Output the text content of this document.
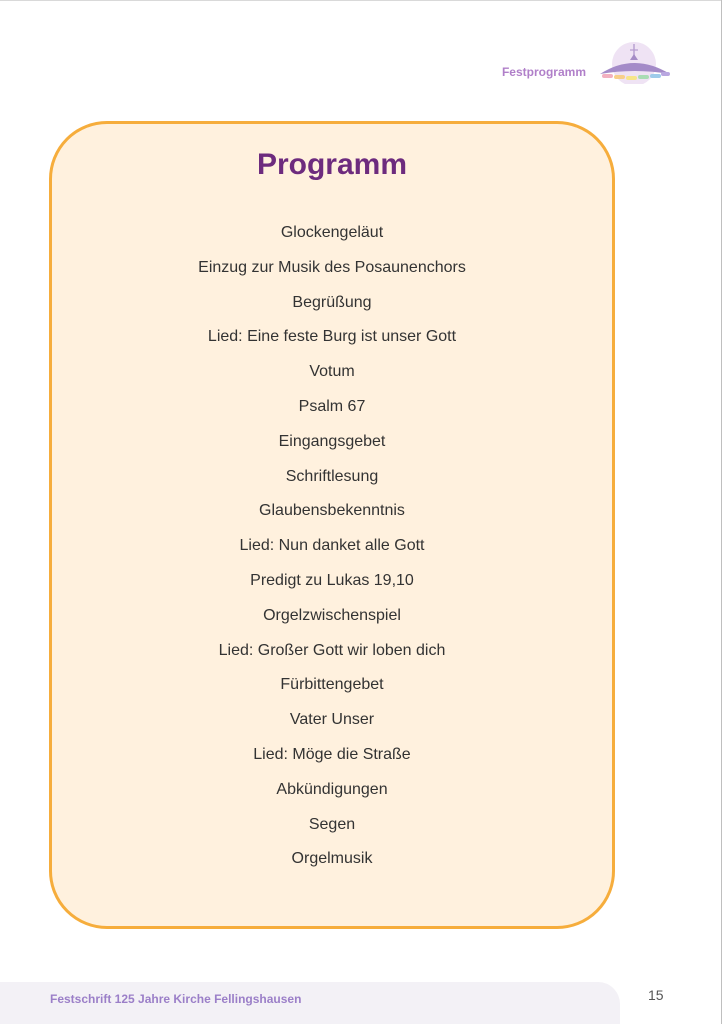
Festprogramm
Programm
Glockengeläut
Einzug zur Musik des Posaunenchors
Begrüßung
Lied: Eine feste Burg ist unser Gott
Votum
Psalm 67
Eingangsgebet
Schriftlesung
Glaubensbekenntnis
Lied: Nun danket alle Gott
Predigt zu Lukas 19,10
Orgelzwischenspiel
Lied: Großer Gott wir loben dich
Fürbittengebet
Vater Unser
Lied: Möge die Straße
Abkündigungen
Segen
Orgelmusik
Festschrift 125 Jahre Kirche Fellingshausen	15
